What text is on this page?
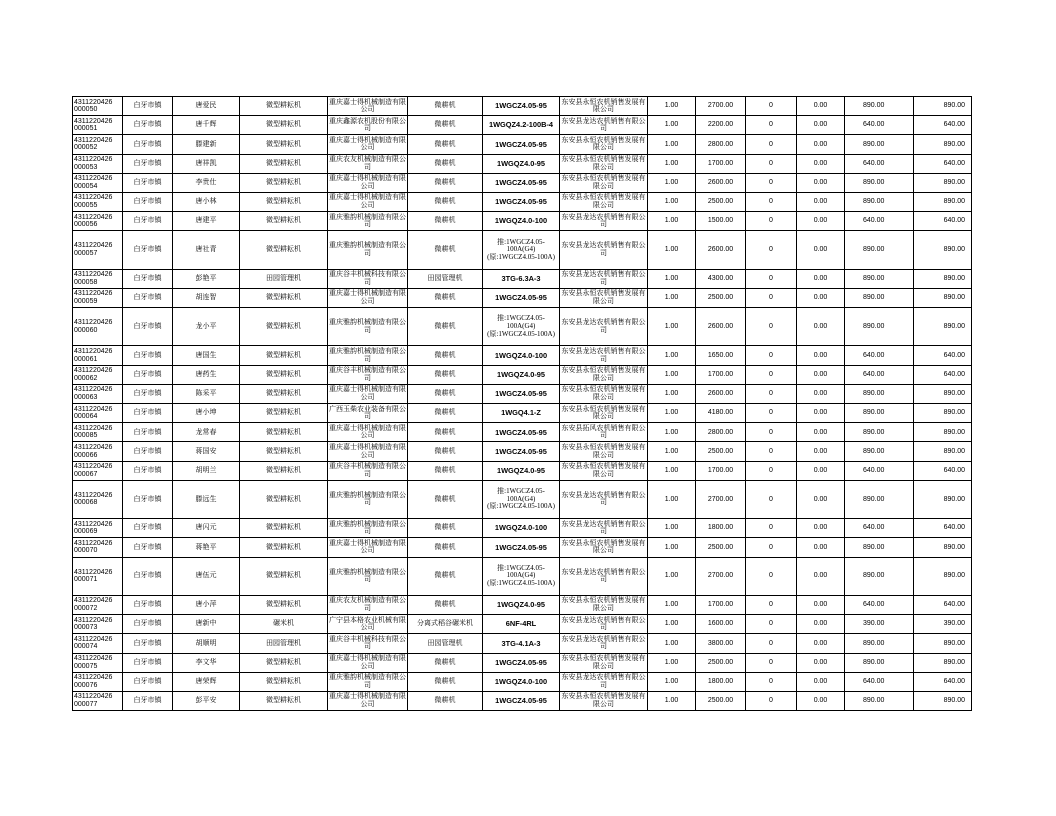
4311220426 000050	白牙市镇	唐爱民	微型耕耘机	重庆嘉士得机械制造有限公司	微耕机	1WGCZ4.05-95	东安县永恒农机销售发展有限公司	1.00	2700.00	0	0.00	890.00	890.00
4311220426 000051	白牙市镇	唐千辉	微型耕耘机	重庆鑫源农机股份有限公司	微耕机	1WGQZ4.2-100B-4	东安县龙达农机销售有限公司	1.00	2200.00	0	0.00	640.00	640.00
4311220426 000052	白牙市镇	滕建新	微型耕耘机	重庆嘉士得机械制造有限公司	微耕机	1WGCZ4.05-95	东安县永恒农机销售发展有限公司	1.00	2800.00	0	0.00	890.00	890.00
4311220426 000053	白牙市镇	唐祥凯	微型耕耘机	重庆农友机械制造有限公司	微耕机	1WGQZ4.0-95	东安县永恒农机销售发展有限公司	1.00	1700.00	0	0.00	640.00	640.00
4311220426 000054	白牙市镇	李贵仕	微型耕耘机	重庆嘉士得机械制造有限公司	微耕机	1WGCZ4.05-95	东安县永恒农机销售发展有限公司	1.00	2600.00	0	0.00	890.00	890.00
4311220426 000055	白牙市镇	唐小林	微型耕耘机	重庆嘉士得机械制造有限公司	微耕机	1WGCZ4.05-95	东安县永恒农机销售发展有限公司	1.00	2500.00	0	0.00	890.00	890.00
4311220426 000056	白牙市镇	唐建平	微型耕耘机	重庆雅韵机械制造有限公司	微耕机	1WGQZ4.0-100	东安县龙达农机销售有限公司	1.00	1500.00	0	0.00	640.00	640.00
4311220426 000057	白牙市镇	唐社青	微型耕耘机	重庆雅韵机械制造有限公司	微耕机	推:1WGCZ4.05-100A(G4)(原:1WGCZ4.05-100A)	东安县龙达农机销售有限公司	1.00	2600.00	0	0.00	890.00	890.00
4311220426 000058	白牙市镇	彭艳平	田园管理机	重庆谷丰机械科技有限公司	田园管理机	3TG-6.3A-3	东安县龙达农机销售有限公司	1.00	4300.00	0	0.00	890.00	890.00
4311220426 000059	白牙市镇	胡连智	微型耕耘机	重庆嘉士得机械制造有限公司	微耕机	1WGCZ4.05-95	东安县永恒农机销售发展有限公司	1.00	2500.00	0	0.00	890.00	890.00
4311220426 000060	白牙市镇	龙小平	微型耕耘机	重庆雅韵机械制造有限公司	微耕机	推:1WGCZ4.05-100A(G4)(原:1WGCZ4.05-100A)	东安县龙达农机销售有限公司	1.00	2600.00	0	0.00	890.00	890.00
4311220426 000061	白牙市镇	唐国生	微型耕耘机	重庆雅韵机械制造有限公司	微耕机	1WGQZ4.0-100	东安县龙达农机销售有限公司	1.00	1650.00	0	0.00	640.00	640.00
4311220426 000062	白牙市镇	唐药生	微型耕耘机	重庆谷丰机械制造有限公司	微耕机	1WGQZ4.0-95	东安县永恒农机销售发展有限公司	1.00	1700.00	0	0.00	640.00	640.00
4311220426 000063	白牙市镇	陈采平	微型耕耘机	重庆嘉士得机械制造有限公司	微耕机	1WGCZ4.05-95	东安县永恒农机销售发展有限公司	1.00	2600.00	0	0.00	890.00	890.00
4311220426 000064	白牙市镇	唐小坤	微型耕耘机	广西玉柴农业装备有限公司	微耕机	1WGQ4.1-Z	东安县永恒农机销售发展有限公司	1.00	4180.00	0	0.00	890.00	890.00
4311220426 000085	白牙市镇	龙常春	微型耕耘机	重庆嘉士得机械制造有限公司	微耕机	1WGCZ4.05-95	东安县拓风农机销售有限公司	1.00	2800.00	0	0.00	890.00	890.00
4311220426 000066	白牙市镇	蒋国安	微型耕耘机	重庆嘉士得机械制造有限公司	微耕机	1WGCZ4.05-95	东安县永恒农机销售发展有限公司	1.00	2500.00	0	0.00	890.00	890.00
4311220426 000067	白牙市镇	胡明兰	微型耕耘机	重庆谷丰机械制造有限公司	微耕机	1WGQZ4.0-95	东安县永恒农机销售发展有限公司	1.00	1700.00	0	0.00	640.00	640.00
4311220426 000068	白牙市镇	滕远生	微型耕耘机	重庆雅韵机械制造有限公司	微耕机	推:1WGCZ4.05-100A(G4)(原:1WGCZ4.05-100A)	东安县龙达农机销售有限公司	1.00	2700.00	0	0.00	890.00	890.00
4311220426 000069	白牙市镇	唐闪元	微型耕耘机	重庆雅韵机械制造有限公司	微耕机	1WGQZ4.0-100	东安县龙达农机销售有限公司	1.00	1800.00	0	0.00	640.00	640.00
4311220426 000070	白牙市镇	蒋艳平	微型耕耘机	重庆嘉士得机械制造有限公司	微耕机	1WGCZ4.05-95	东安县永恒农机销售发展有限公司	1.00	2500.00	0	0.00	890.00	890.00
4311220426 000071	白牙市镇	唐伍元	微型耕耘机	重庆雅韵机械制造有限公司	微耕机	推:1WGCZ4.05-100A(G4)(原:1WGCZ4.05-100A)	东安县龙达农机销售有限公司	1.00	2700.00	0	0.00	890.00	890.00
4311220426 000072	白牙市镇	唐小萍	微型耕耘机	重庆农友机械制造有限公司	微耕机	1WGQZ4.0-95	东安县永恒农机销售发展有限公司	1.00	1700.00	0	0.00	640.00	640.00
4311220426 000073	白牙市镇	唐新中	碾米机	广宁县本格农业机械有限公司	分离式稻谷碾米机	6NF-4RL	东安县龙达农机销售有限公司	1.00	1600.00	0	0.00	390.00	390.00
4311220426 000074	白牙市镇	胡顺明	田园管理机	重庆谷丰机械科技有限公司	田园管理机	3TG-4.1A-3	东安县龙达农机销售有限公司	1.00	3800.00	0	0.00	890.00	890.00
4311220426 000075	白牙市镇	李文华	微型耕耘机	重庆嘉士得机械制造有限公司	微耕机	1WGCZ4.05-95	东安县永恒农机销售发展有限公司	1.00	2500.00	0	0.00	890.00	890.00
4311220426 000076	白牙市镇	唐荣辉	微型耕耘机	重庆雅韵机械制造有限公司	微耕机	1WGQZ4.0-100	东安县龙达农机销售有限公司	1.00	1800.00	0	0.00	640.00	640.00
4311220426 000077	白牙市镇	彭平安	微型耕耘机	重庆嘉士得机械制造有限公司	微耕机	1WGCZ4.05-95	东安县永恒农机销售发展有限公司	1.00	2500.00	0	0.00	890.00	890.00
